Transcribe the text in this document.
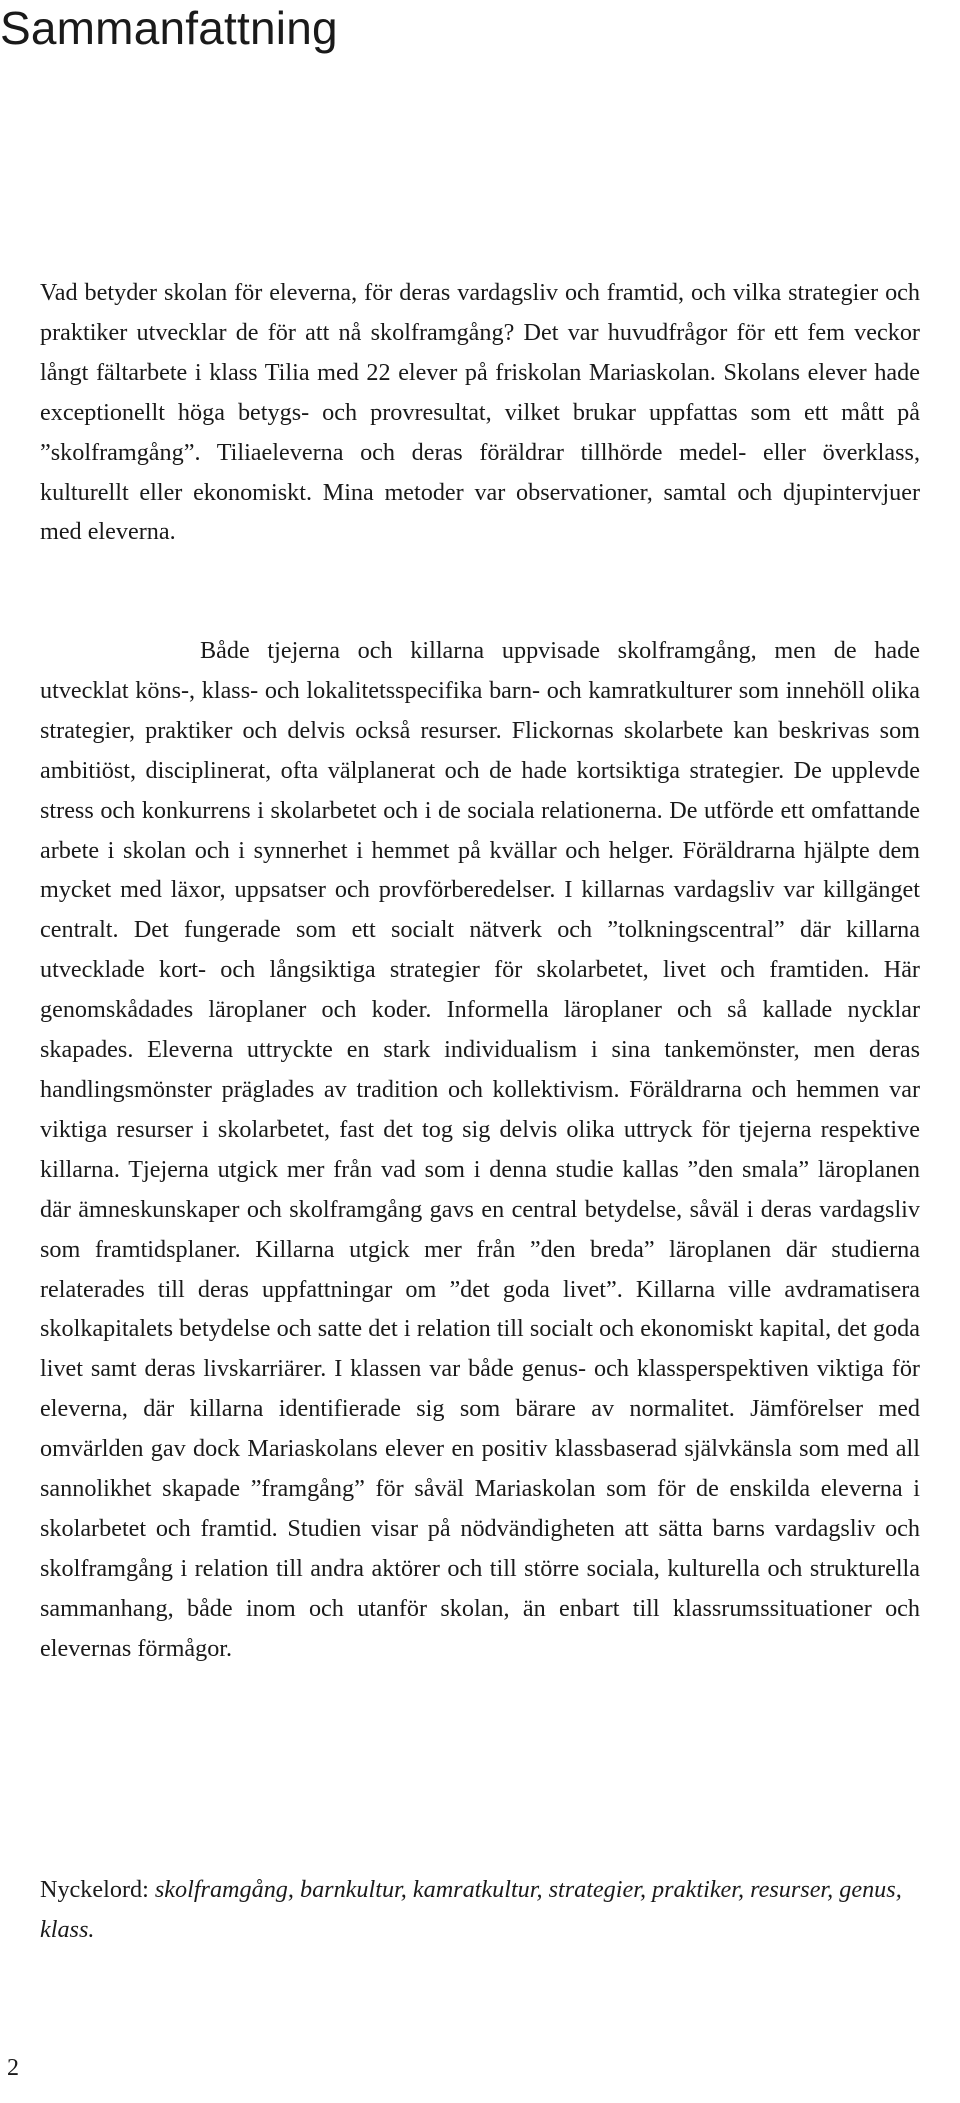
Sammanfattning

Vad betyder skolan för eleverna, för deras vardagsliv och framtid, och vilka strategier och praktiker utvecklar de för att nå skolframgång? Det var huvudfrågor för ett fem veckor långt fältarbete i klass Tilia med 22 elever på friskolan Mariaskolan. Skolans elever hade exceptionellt höga betygs- och provresultat, vilket brukar uppfattas som ett mått på ”skolframgång”. Tiliaeleverna och deras föräldrar tillhörde medel- eller överklass, kulturellt eller ekonomiskt. Mina metoder var observationer, samtal och djupintervjuer med eleverna.

Både tjejerna och killarna uppvisade skolframgång, men de hade utvecklat köns-, klass- och lokalitetsspecifika barn- och kamratkulturer som innehöll olika strategier, praktiker och delvis också resurser. Flickornas skolarbete kan beskrivas som ambitiöst, disciplinerat, ofta välplanerat och de hade kortsiktiga strategier. De upplevde stress och konkurrens i skolarbetet och i de sociala relationerna. De utförde ett omfattande arbete i skolan och i synnerhet i hemmet på kvällar och helger. Föräldrarna hjälpte dem mycket med läxor, uppsatser och provförberedelser. I killarnas vardagsliv var killgänget centralt. Det fungerade som ett socialt nätverk och ”tolkningscentral” där killarna utvecklade kort- och långsiktiga strategier för skolarbetet, livet och framtiden. Här genomskådades läroplaner och koder. Informella läroplaner och så kallade nycklar skapades. Eleverna uttryckte en stark individualism i sina tankemönster, men deras handlingsmönster präglades av tradition och kollektivism. Föräldrarna och hemmen var viktiga resurser i skolarbetet, fast det tog sig delvis olika uttryck för tjejerna respektive killarna. Tjejerna utgick mer från vad som i denna studie kallas ”den smala” läroplanen där ämneskunskaper och skolframgång gavs en central betydelse, såväl i deras vardagsliv som framtidsplaner. Killarna utgick mer från ”den breda” läroplanen där studierna relaterades till deras uppfattningar om ”det goda livet”. Killarna ville avdramatisera skolkapitalets betydelse och satte det i relation till socialt och ekonomiskt kapital, det goda livet samt deras livskarriärer. I klassen var både genus- och klassperspektiven viktiga för eleverna, där killarna identifierade sig som bärare av normalitet. Jämförelser med omvärlden gav dock Mariaskolans elever en positiv klassbaserad självkänsla som med all sannolikhet skapade ”framgång” för såväl Mariaskolan som för de enskilda eleverna i skolarbetet och framtid. Studien visar på nödvändigheten att sätta barns vardagsliv och skolframgång i relation till andra aktörer och till större sociala, kulturella och strukturella sammanhang, både inom och utanför skolan, än enbart till klassrumssituationer och elevernas förmågor.

Nyckelord: skolframgång, barnkultur, kamratkultur, strategier, praktiker, resurser, genus, klass.

2
